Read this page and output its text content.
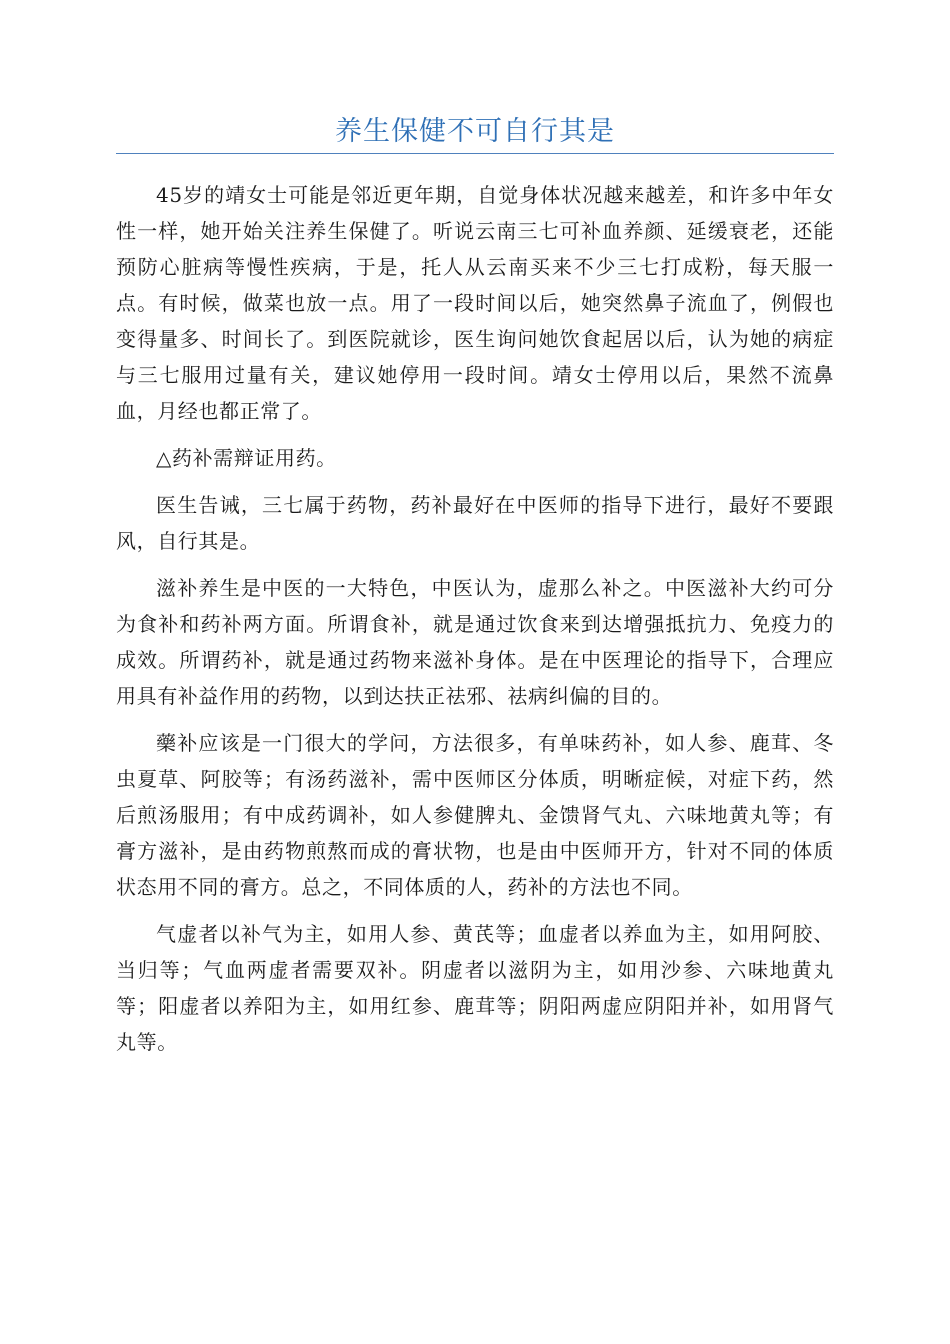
养生保健不可自行其是

45岁的靖女士可能是邻近更年期，自觉身体状况越来越差，和许多中年女性一样，她开始关注养生保健了。听说云南三七可补血养颜、延缓衰老，还能预防心脏病等慢性疾病，于是，托人从云南买来不少三七打成粉，每天服一点。有时候，做菜也放一点。用了一段时间以后，她突然鼻子流血了，例假也变得量多、时间长了。到医院就诊，医生询问她饮食起居以后，认为她的病症与三七服用过量有关，建议她停用一段时间。靖女士停用以后，果然不流鼻血，月经也都正常了。

△药补需辩证用药。

医生告诫，三七属于药物，药补最好在中医师的指导下进行，最好不要跟风，自行其是。

滋补养生是中医的一大特色，中医认为，虚那么补之。中医滋补大约可分为食补和药补两方面。所谓食补，就是通过饮食来到达增强抵抗力、免疫力的成效。所谓药补，就是通过药物来滋补身体。是在中医理论的指导下，合理应用具有补益作用的药物，以到达扶正祛邪、祛病纠偏的目的。

藥补应该是一门很大的学问，方法很多，有单味药补，如人参、鹿茸、冬虫夏草、阿胶等；有汤药滋补，需中医师区分体质，明晰症候，对症下药，然后煎汤服用；有中成药调补，如人参健脾丸、金馈肾气丸、六味地黄丸等；有膏方滋补，是由药物煎熬而成的膏状物，也是由中医师开方，针对不同的体质状态用不同的膏方。总之，不同体质的人，药补的方法也不同。

气虚者以补气为主，如用人参、黄芪等；血虚者以养血为主，如用阿胶、当归等；气血两虚者需要双补。阴虚者以滋阴为主，如用沙参、六味地黄丸等；阳虚者以养阳为主，如用红参、鹿茸等；阴阳两虚应阴阳并补，如用肾气丸等。
